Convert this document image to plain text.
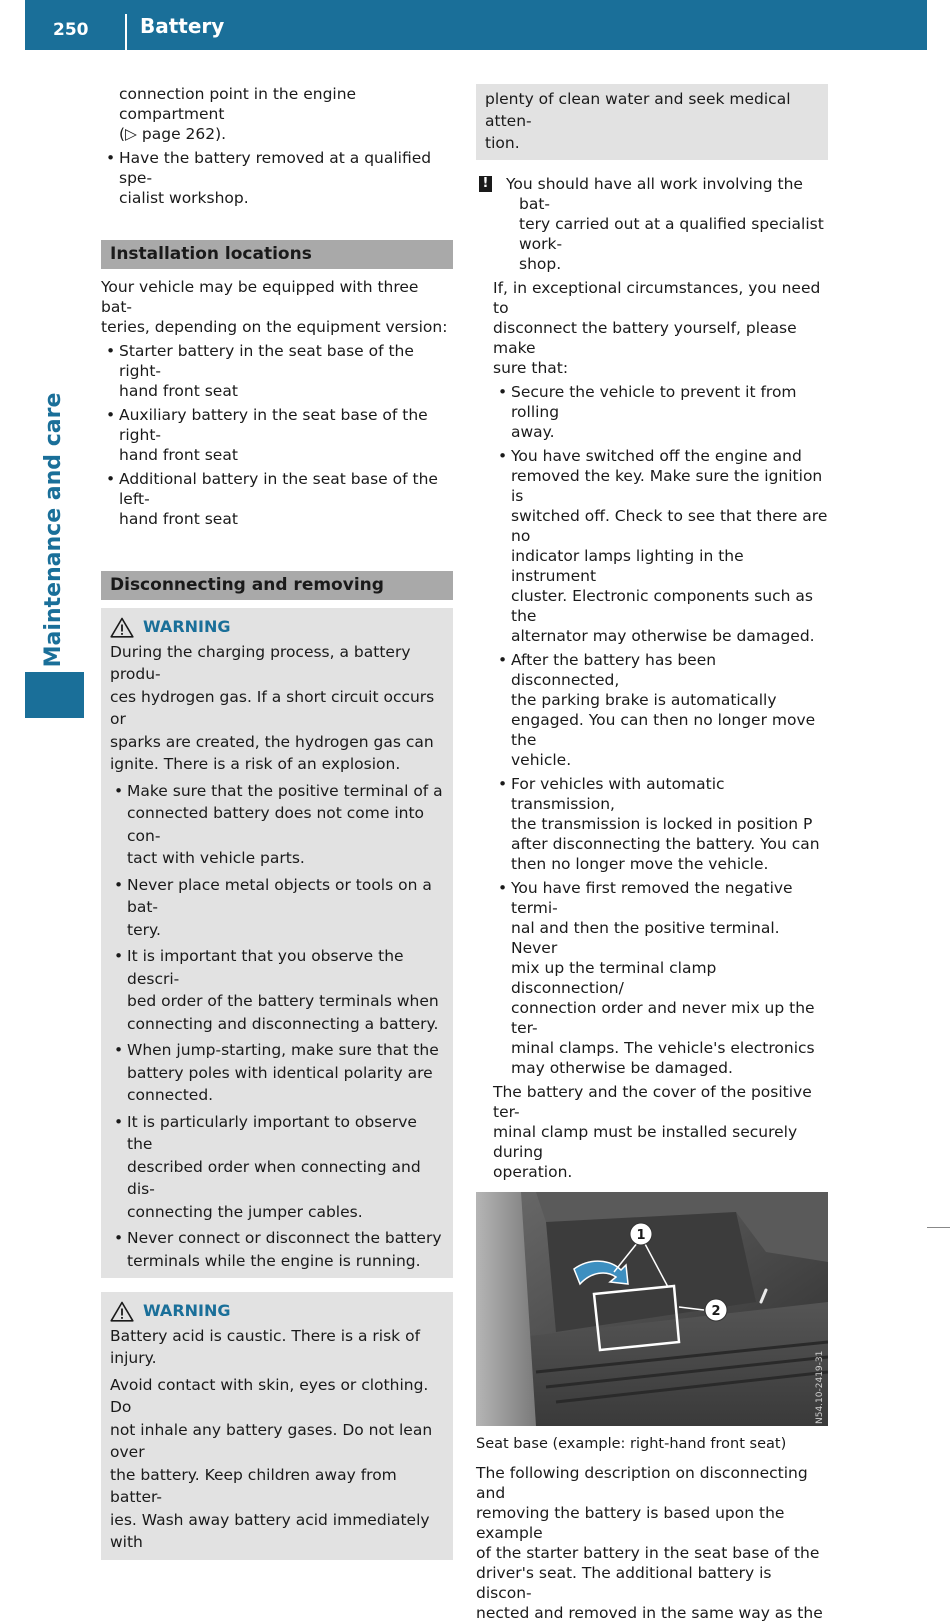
250	Battery
Maintenance and care
connection point in the engine compartment
(▷ page 262).
• Have the battery removed at a qualified spe-
cialist workshop.
Installation locations

Your vehicle may be equipped with three bat-
teries, depending on the equipment version:

• Starter battery in the seat base of the right-
hand front seat
• Auxiliary battery in the seat base of the right-
hand front seat
• Additional battery in the seat base of the left-
hand front seat
Disconnecting and removing
WARNING

During the charging process, a battery produ-
ces hydrogen gas. If a short circuit occurs or
sparks are created, the hydrogen gas can
ignite. There is a risk of an explosion.

• Make sure that the positive terminal of a
connected battery does not come into con-
tact with vehicle parts.
• Never place metal objects or tools on a bat-
tery.
• It is important that you observe the descri-
bed order of the battery terminals when
connecting and disconnecting a battery.
• When jump-starting, make sure that the
battery poles with identical polarity are
connected.
• It is particularly important to observe the
described order when connecting and dis-
connecting the jumper cables.
• Never connect or disconnect the battery
terminals while the engine is running.
WARNING

Battery acid is caustic. There is a risk of injury.

Avoid contact with skin, eyes or clothing. Do
not inhale any battery gases. Do not lean over
the battery. Keep children away from batter-
ies. Wash away battery acid immediately with

plenty of clean water and seek medical atten-
tion.
! You should have all work involving the bat-
tery carried out at a qualified specialist work-
shop.

If, in exceptional circumstances, you need to
disconnect the battery yourself, please make
sure that:

• Secure the vehicle to prevent it from rolling
away.
• You have switched off the engine and
removed the key. Make sure the ignition is
switched off. Check to see that there are no
indicator lamps lighting in the instrument
cluster. Electronic components such as the
alternator may otherwise be damaged.
• After the battery has been disconnected,
the parking brake is automatically
engaged. You can then no longer move the
vehicle.
• For vehicles with automatic transmission,
the transmission is locked in position P
after disconnecting the battery. You can
then no longer move the vehicle.
• You have first removed the negative termi-
nal and then the positive terminal. Never
mix up the terminal clamp disconnection/
connection order and never mix up the ter-
minal clamps. The vehicle's electronics
may otherwise be damaged.

The battery and the cover of the positive ter-
minal clamp must be installed securely during
operation.

1
2
N54.10-2419-31

Seat base (example: right-hand front seat)

The following description on disconnecting and
removing the battery is based upon the example
of the starter battery in the seat base of the
driver's seat. The additional battery is discon-
nected and removed in the same way as the
